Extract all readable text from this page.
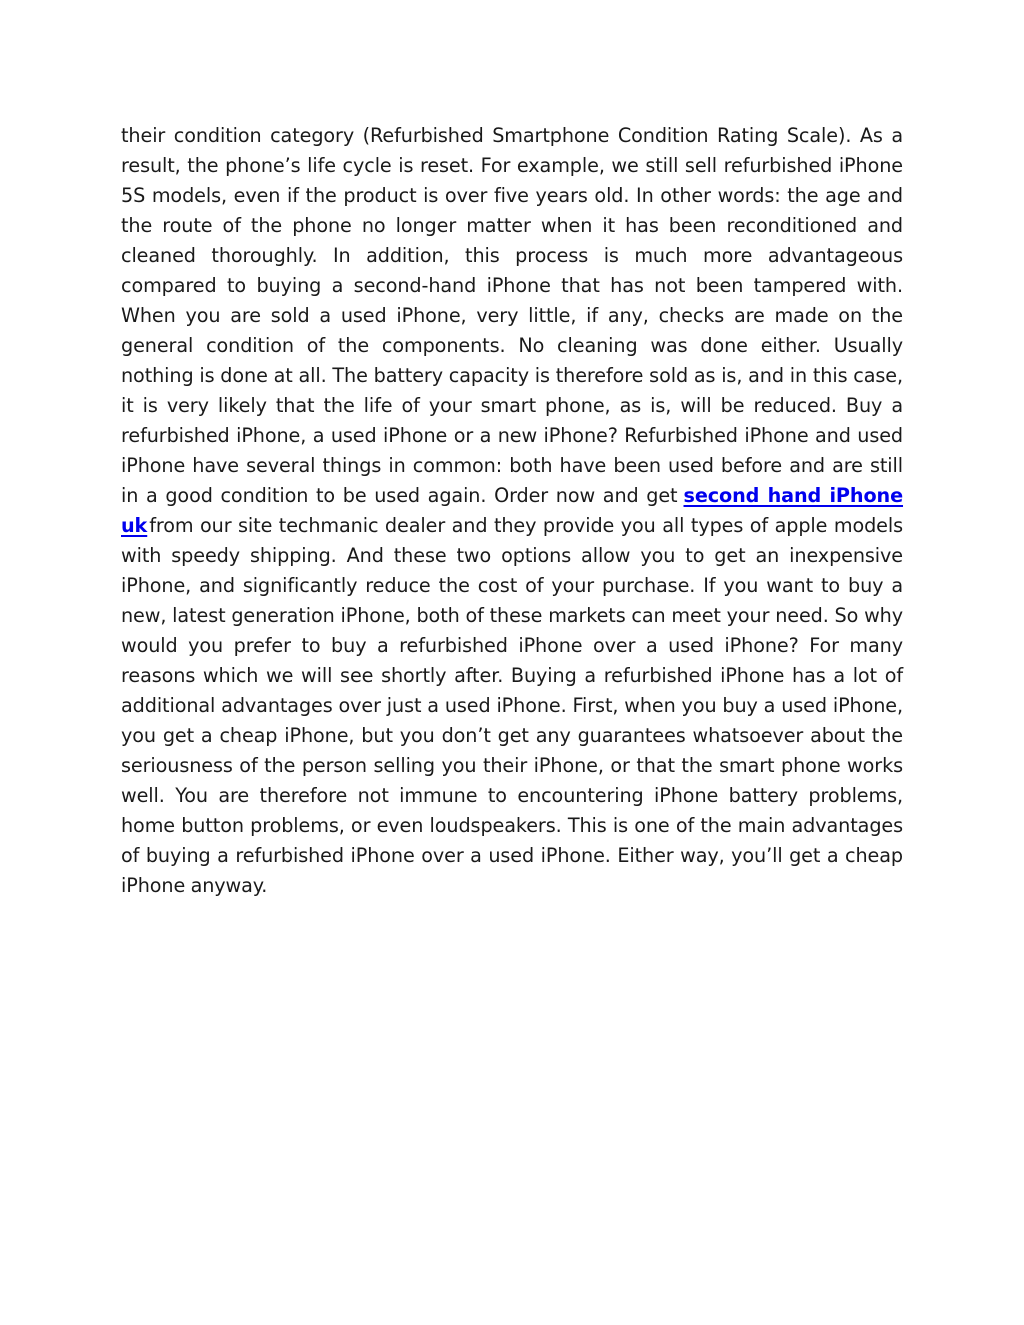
their condition category (Refurbished Smartphone Condition Rating Scale). As a result, the phone’s life cycle is reset. For example, we still sell refurbished iPhone 5S models, even if the product is over five years old. In other words: the age and the route of the phone no longer matter when it has been reconditioned and cleaned thoroughly. In addition, this process is much more advantageous compared to buying a second-hand iPhone that has not been tampered with. When you are sold a used iPhone, very little, if any, checks are made on the general condition of the components. No cleaning was done either. Usually nothing is done at all. The battery capacity is therefore sold as is, and in this case, it is very likely that the life of your smart phone, as is, will be reduced. Buy a refurbished iPhone, a used iPhone or a new iPhone? Refurbished iPhone and used iPhone have several things in common: both have been used before and are still in a good condition to be used again. Order now and get second hand iPhone uk from our site techmanic dealer and they provide you all types of apple models with speedy shipping. And these two options allow you to get an inexpensive iPhone, and significantly reduce the cost of your purchase. If you want to buy a new, latest generation iPhone, both of these markets can meet your need. So why would you prefer to buy a refurbished iPhone over a used iPhone? For many reasons which we will see shortly after. Buying a refurbished iPhone has a lot of additional advantages over just a used iPhone. First, when you buy a used iPhone, you get a cheap iPhone, but you don’t get any guarantees whatsoever about the seriousness of the person selling you their iPhone, or that the smart phone works well. You are therefore not immune to encountering iPhone battery problems, home button problems, or even loudspeakers. This is one of the main advantages of buying a refurbished iPhone over a used iPhone. Either way, you’ll get a cheap iPhone anyway.
